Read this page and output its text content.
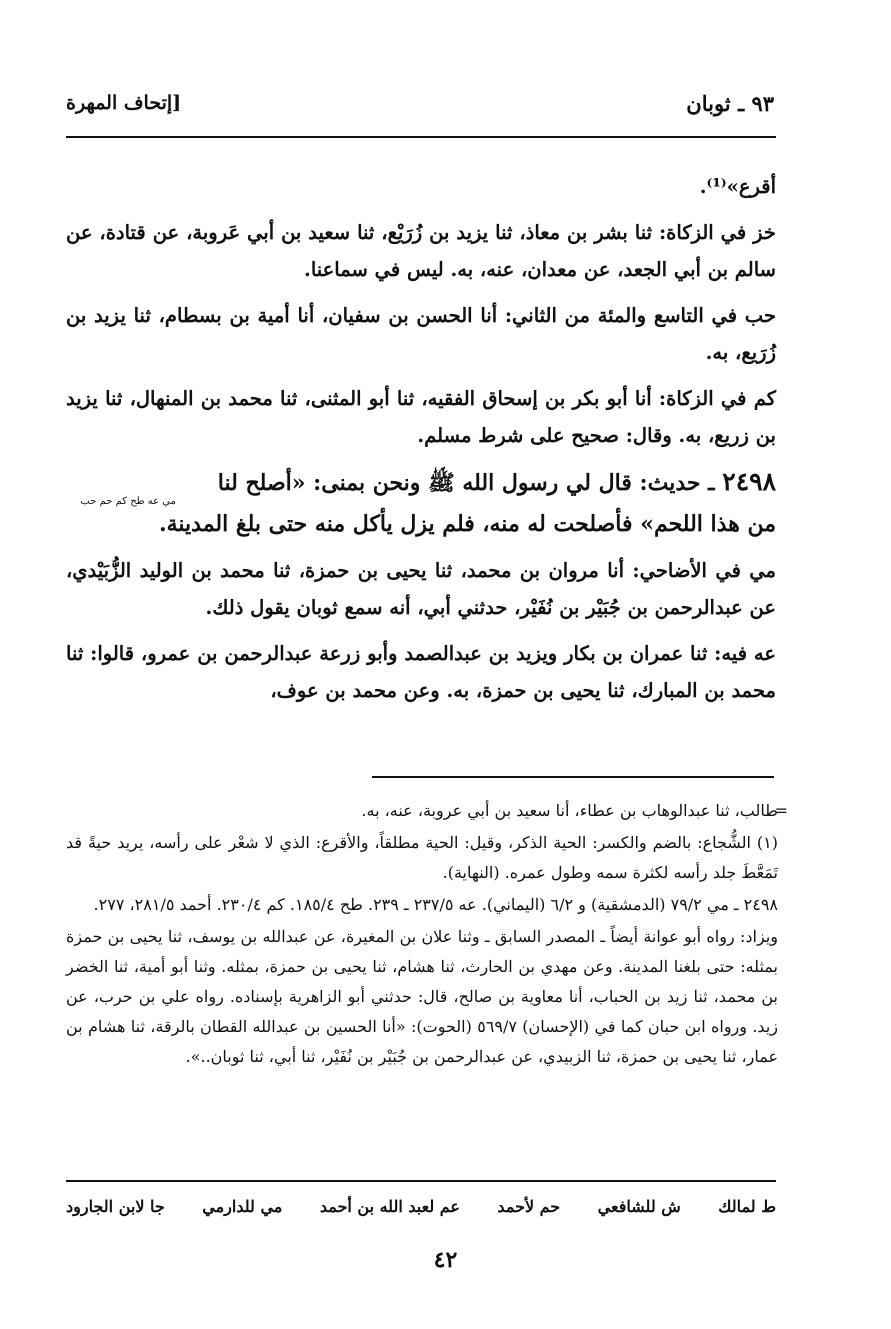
٩٣ ـ ثوبان
[إتحاف المهرة

أقرع»⁽¹⁾.

خز في الزكاة: ثنا بشر بن معاذ، ثنا يزيد بن زُرَيْع، ثنا سعيد بن أبي عَروبة، عن قتادة، عن سالم بن أبي الجعد، عن معدان، عنه، به. ليس في سماعنا.

حب في التاسع والمئة من الثاني: أنا الحسن بن سفيان، أنا أمية بن بسطام، ثنا يزيد بن زُرَيع، به.

كم في الزكاة: أنا أبو بكر بن إسحاق الفقيه، ثنا أبو المثنى، ثنا محمد بن المنهال، ثنا يزيد بن زريع، به. وقال: صحيح على شرط مسلم.

٢٤٩٨ ـ حديث: قال لي رسول الله ﷺ ونحن بمنى: «أصلح لنا
مي عه طح كم حم حب
من هذا اللحم» فأصلحت له منه، فلم يزل يأكل منه حتى بلغ المدينة.

مي في الأضاحي: أنا مروان بن محمد، ثنا يحيى بن حمزة، ثنا محمد بن الوليد الزُّبَيْدي، عن عبدالرحمن بن جُبَيْر بن نُفَيْر، حدثني أبي، أنه سمع ثوبان يقول ذلك.

عه فيه: ثنا عمران بن بكار ويزيد بن عبدالصمد وأبو زرعة عبدالرحمن بن عمرو، قالوا: ثنا محمد بن المبارك، ثنا يحيى بن حمزة، به. وعن محمد بن عوف،

=

طالب، ثنا عبدالوهاب بن عطاء، أنا سعيد بن أبي عروبة، عنه، به.

(١) الشُّجاع: بالضم والكسر: الحية الذكر، وقيل: الحية مطلقاً، والأقرع: الذي لا شعْر على رأسه، يريد حيةً قد تَمَعَّطَ جلد رأسه لكثرة سمه وطول عمره. (النهاية).

٢٤٩٨ ـ مي ٧٩/٢ (الدمشقية) و ٦/٢ (اليماني). عه ٢٣٧/٥ ـ ٢٣٩. طح ١٨٥/٤. كم ٢٣٠/٤. أحمد ٢٨١/٥، ٢٧٧.

ويزاد: رواه أبو عوانة أيضاً ـ المصدر السابق ـ وثنا علان بن المغيرة، عن عبدالله بن يوسف، ثنا يحيى بن حمزة بمثله: حتى بلغنا المدينة. وعن مهدي بن الحارث، ثنا هشام، ثنا يحيى بن حمزة، بمثله. وثنا أبو أمية، ثنا الخضر بن محمد، ثنا زيد بن الحباب، أنا معاوية بن صالح، قال: حدثني أبو الزاهرية بإسناده. رواه علي بن حرب، عن زيد. ورواه ابن حبان كما في (الإحسان) ٥٦٩/٧ (الحوت): «أنا الحسين بن عبدالله القطان بالرقة، ثنا هشام بن عمار، ثنا يحيى بن حمزة، ثنا الزبيدي، عن عبدالرحمن بن جُبَيْر بن نُفَيْر، ثنا أبي، ثنا ثوبان..».

ط لمالك
ش للشافعي
حم لأحمد
عم لعبد الله بن أحمد
مي للدارمي
جا لابن الجارود
٤٢
